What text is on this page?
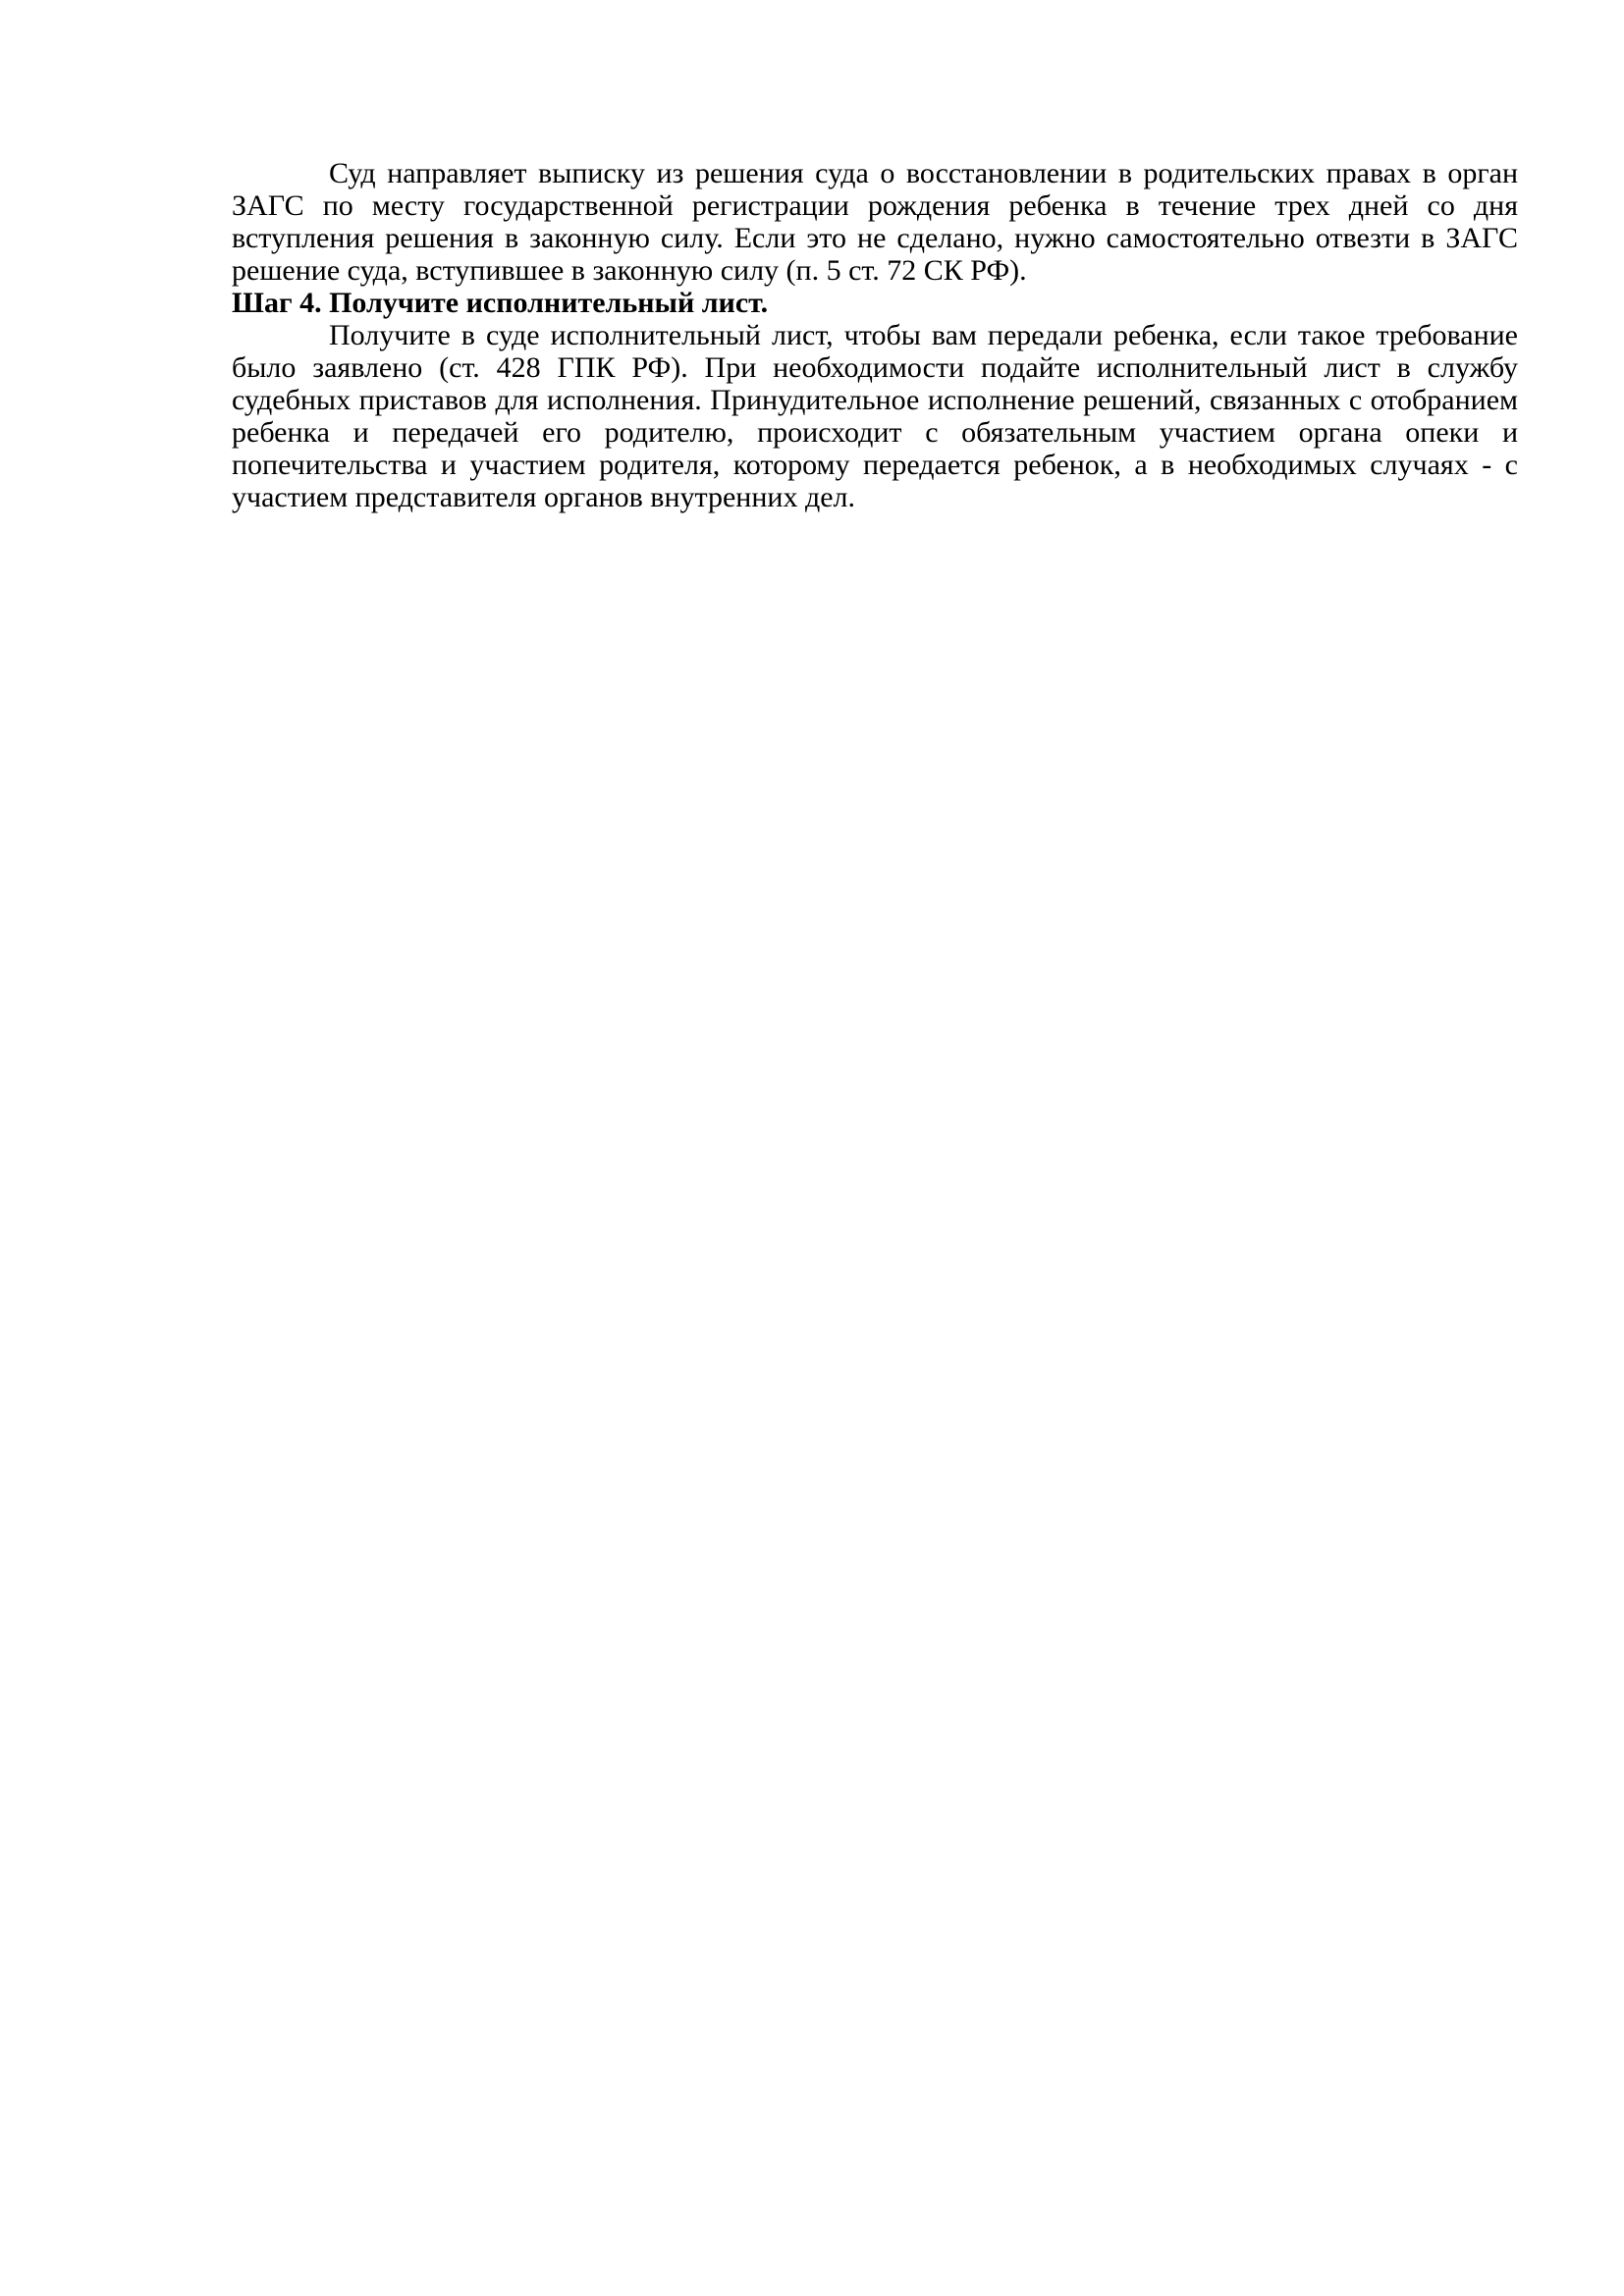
Суд направляет выписку из решения суда о восстановлении в родительских правах в орган ЗАГС по месту государственной регистрации рождения ребенка в течение трех дней со дня вступления решения в законную силу. Если это не сделано, нужно самостоятельно отвезти в ЗАГС решение суда, вступившее в законную силу (п. 5 ст. 72 СК РФ).

Шаг 4. Получите исполнительный лист.

Получите в суде исполнительный лист, чтобы вам передали ребенка, если такое требование было заявлено (ст. 428 ГПК РФ). При необходимости подайте исполнительный лист в службу судебных приставов для исполнения. Принудительное исполнение решений, связанных с отобранием ребенка и передачей его родителю, происходит с обязательным участием органа опеки и попечительства и участием родителя, которому передается ребенок, а в необходимых случаях - с участием представителя органов внутренних дел.
